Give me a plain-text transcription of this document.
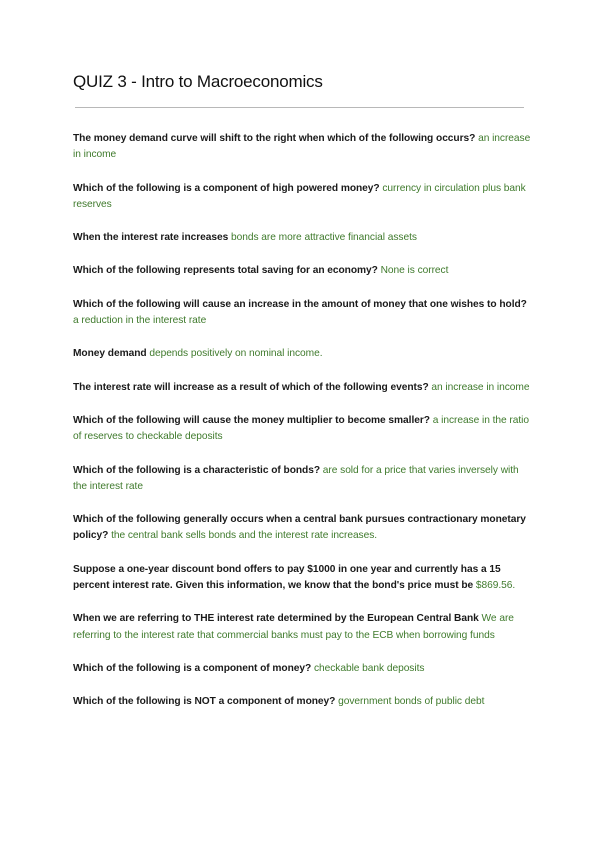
QUIZ 3 - Intro to Macroeconomics

The money demand curve will shift to the right when which of the following occurs? an increase in income

Which of the following is a component of high powered money? currency in circulation plus bank reserves

When the interest rate increases bonds are more attractive financial assets

Which of the following represents total saving for an economy? None is correct

Which of the following will cause an increase in the amount of money that one wishes to hold? a reduction in the interest rate

Money demand depends positively on nominal income.

The interest rate will increase as a result of which of the following events? an increase in income

Which of the following will cause the money multiplier to become smaller? a increase in the ratio of reserves to checkable deposits

Which of the following is a characteristic of bonds? are sold for a price that varies inversely with the interest rate

Which of the following generally occurs when a central bank pursues contractionary monetary policy? the central bank sells bonds and the interest rate increases.

Suppose a one-year discount bond offers to pay $1000 in one year and currently has a 15 percent interest rate. Given this information, we know that the bond's price must be $869.56.

When we are referring to THE interest rate determined by the European Central Bank We are referring to the interest rate that commercial banks must pay to the ECB when borrowing funds

Which of the following is a component of money? checkable bank deposits

Which of the following is NOT a component of money? government bonds of public debt
